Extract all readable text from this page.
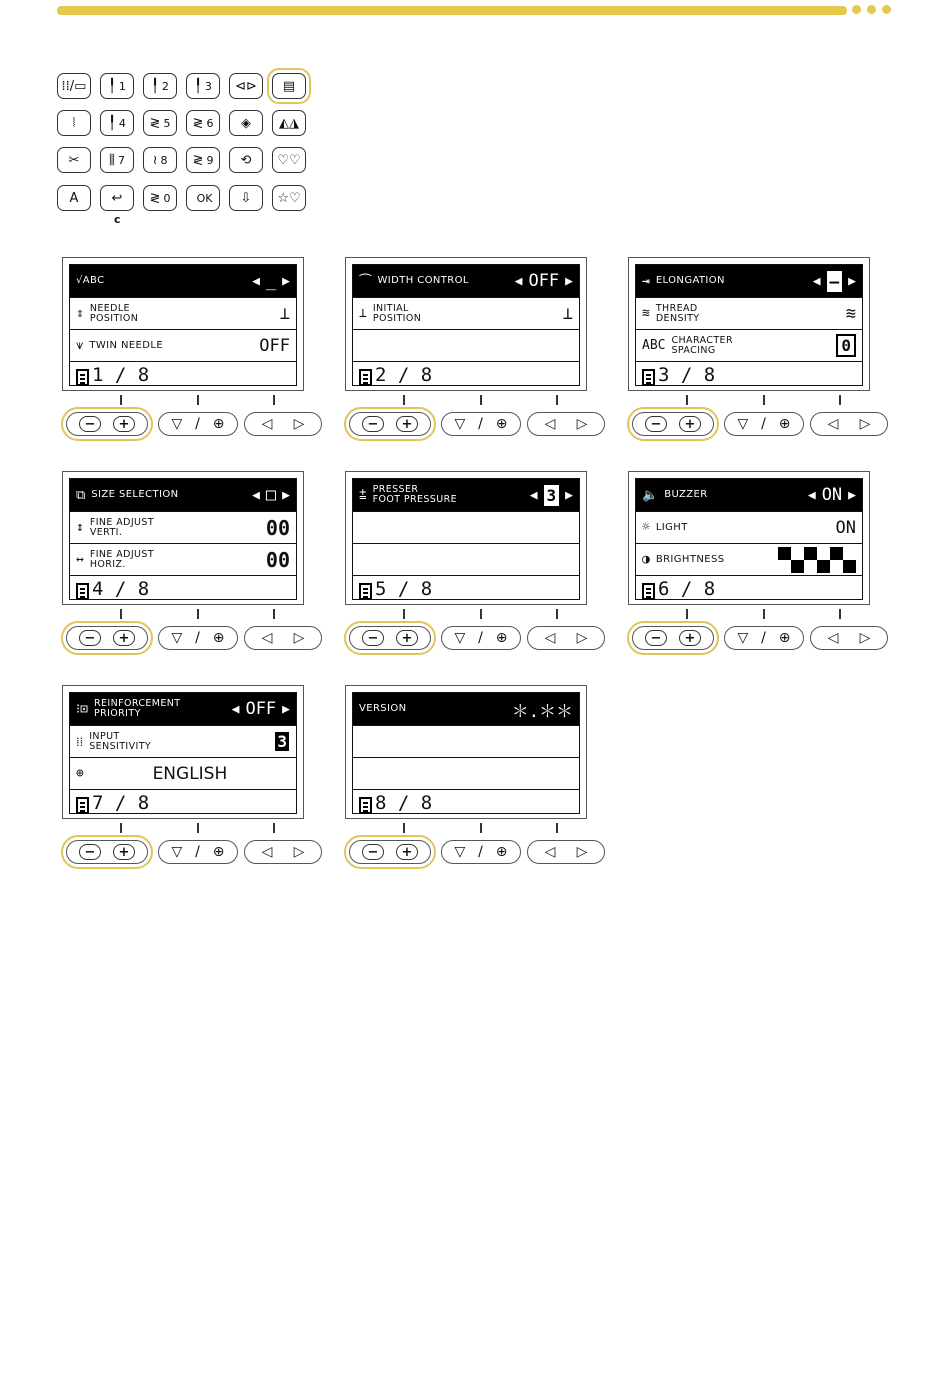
⁞⁞/▭ ╿ 1 ╿ 2 ╿ 3 ⊲⊳ ▤
⦚	╿ 4 ≷ 5 ≷ 6 ◈ ◭◮
✂ ⫼ 7 ≀ 8 ≷ 9 ⟲ ♡♡
A	↩ ≷ 0 OK ⇩ ☆♡
c
√ABC	◀ _ ▶
⇕ NEEDLE
POSITION	⊥
⩛ TWIN NEEDLE	OFF
1 / 8
−	+	▽ / ⊕	◁ ▷
⏜ WIDTH CONTROL	◀ OFF ▶
⊥ INITIAL
POSITION	⊥
2 / 8
−	+	▽ / ⊕	◁ ▷
⇥ ELONGATION	◀ – ▶
≋ THREAD
DENSITY	≋
ABC CHARACTER
SPACING	0
3 / 8
−	+	▽ / ⊕	◁ ▷
⧉ SIZE SELECTION	◀ □ ▶
↕ FINE ADJUST
VERTI.	00
↔ FINE ADJUST
HORIZ.	00
4 / 8
−	+	▽ / ⊕	◁ ▷
⩲ PRESSER
FOOT PRESSURE	◀ 3 ▶
5 / 8
−	+	▽ / ⊕	◁ ▷
🔈 BUZZER	◀ ON ▶
☼ LIGHT	ON
◑ BRIGHTNESS
6 / 8
−	+	▽ / ⊕	◁ ▷
⁝⊡ REINFORCEMENT
PRIORITY	◀ OFF ▶
⁞⁞ INPUT
SENSITIVITY	3
⊕	ENGLISH
7 / 8
−	+	▽ / ⊕	◁ ▷
VERSION	＊.＊＊
8 / 8
−	+	▽ / ⊕	◁ ▷
